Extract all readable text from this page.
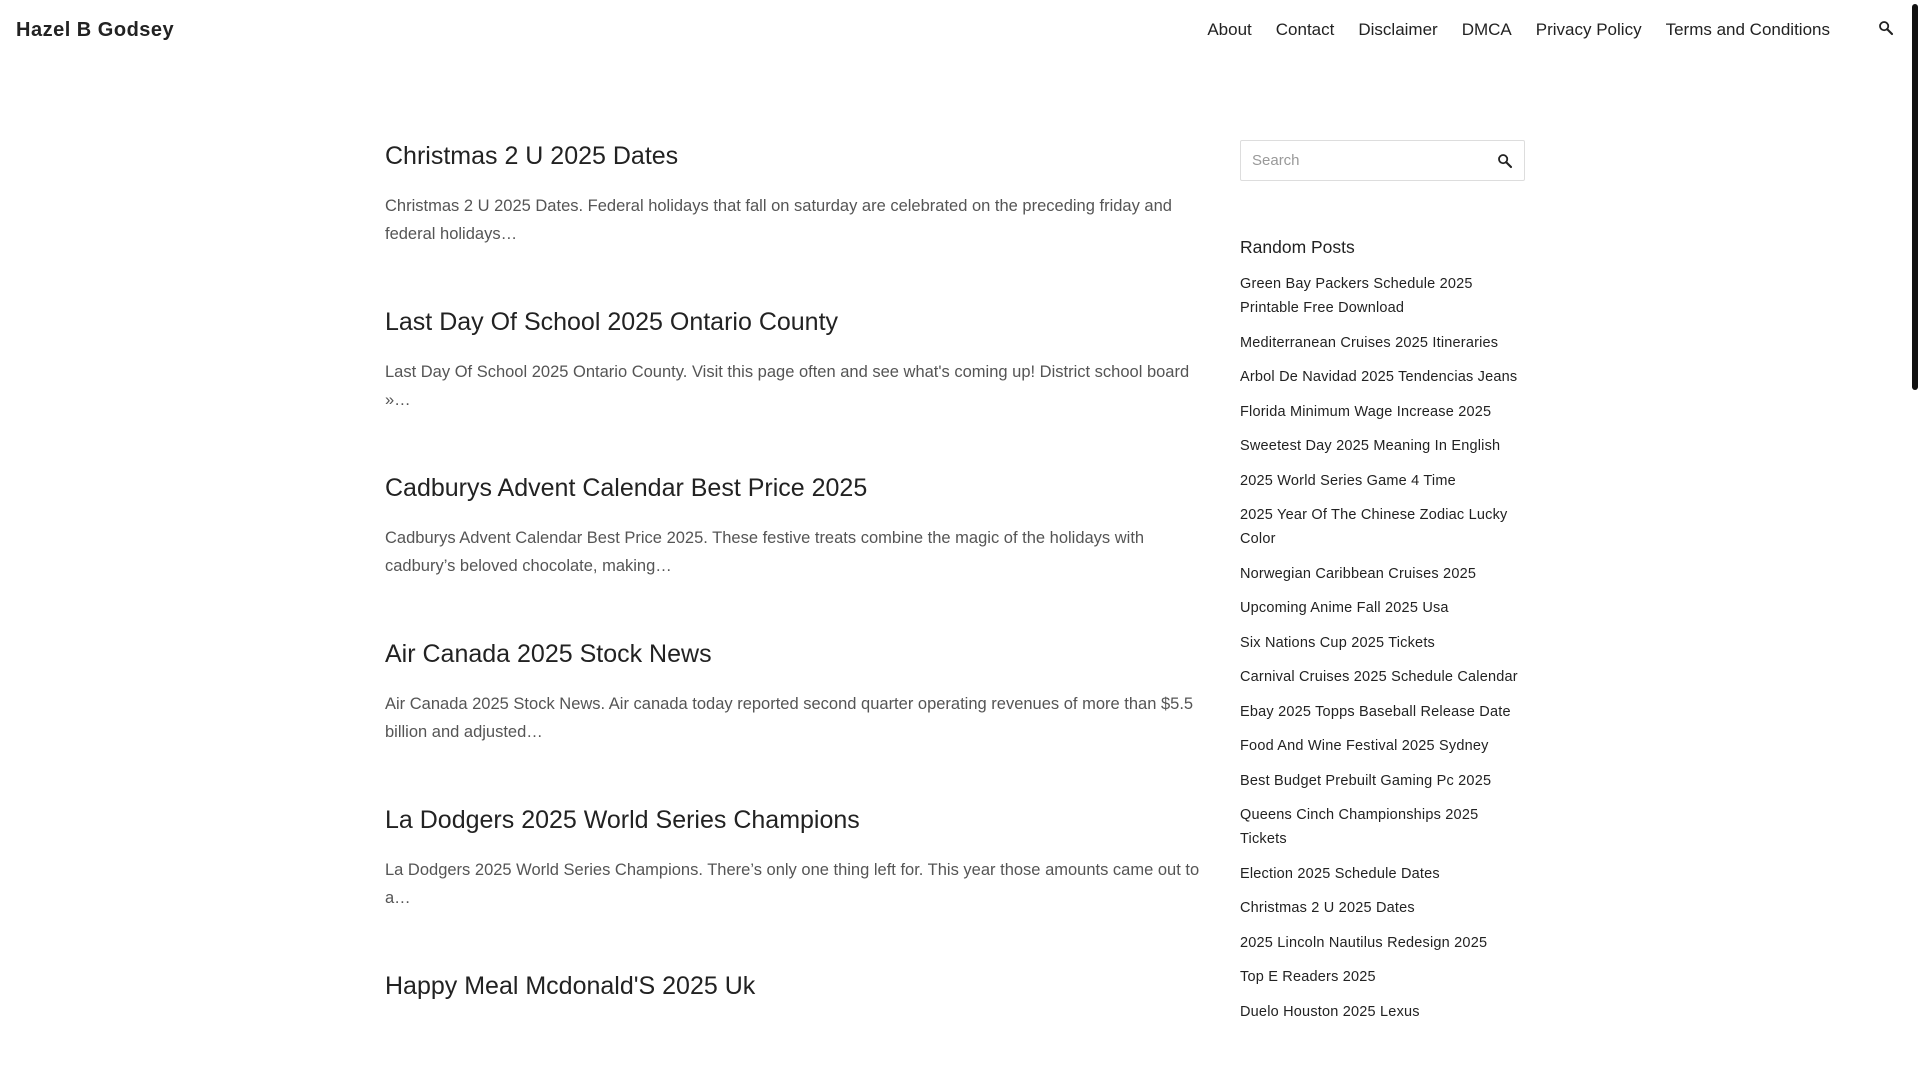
Hazel B Godsey	About	Contact	Disclaimer	DMCA	Privacy Policy	Terms and Conditions
Christmas 2 U 2025 Dates

Christmas 2 U 2025 Dates. Federal holidays that fall on saturday are celebrated on the preceding friday and federal holidays…

Last Day Of School 2025 Ontario County

Last Day Of School 2025 Ontario County. Visit this page often and see what's coming up! District school board »…

Cadburys Advent Calendar Best Price 2025

Cadburys Advent Calendar Best Price 2025. These festive treats combine the magic of the holidays with cadbury’s beloved chocolate, making…

Air Canada 2025 Stock News

Air Canada 2025 Stock News. Air canada today reported second quarter operating revenues of more than $5.5 billion and adjusted…

La Dodgers 2025 World Series Champions

La Dodgers 2025 World Series Champions. There’s only one thing left for. This year those amounts came out to a…

Happy Meal Mcdonald'S 2025 Uk

Search
Random Posts
Green Bay Packers Schedule 2025 Printable Free Download
Mediterranean Cruises 2025 Itineraries
Arbol De Navidad 2025 Tendencias Jeans
Florida Minimum Wage Increase 2025
Sweetest Day 2025 Meaning In English
2025 World Series Game 4 Time
2025 Year Of The Chinese Zodiac Lucky Color
Norwegian Caribbean Cruises 2025
Upcoming Anime Fall 2025 Usa
Six Nations Cup 2025 Tickets
Carnival Cruises 2025 Schedule Calendar
Ebay 2025 Topps Baseball Release Date
Food And Wine Festival 2025 Sydney
Best Budget Prebuilt Gaming Pc 2025
Queens Cinch Championships 2025 Tickets
Election 2025 Schedule Dates
Christmas 2 U 2025 Dates
2025 Lincoln Nautilus Redesign 2025
Top E Readers 2025
Duelo Houston 2025 Lexus
